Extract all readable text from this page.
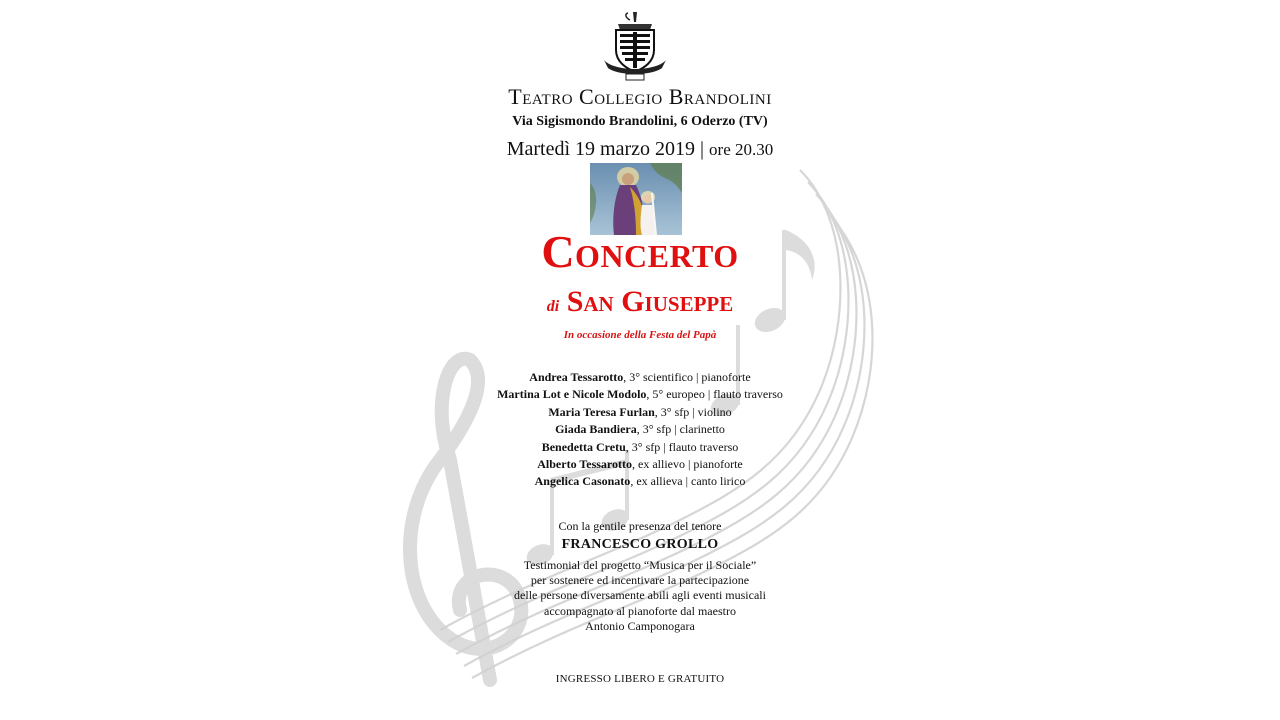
Teatro Collegio Brandolini
Via Sigismondo Brandolini, 6 Oderzo (TV)
Martedì 19 marzo 2019 | ore 20.30
Concerto
di San Giuseppe
In occasione della Festa del Papà
Andrea Tessarotto, 3° scientifico | pianoforte
Martina Lot e Nicole Modolo, 5° europeo | flauto traverso
Maria Teresa Furlan, 3° sfp | violino
Giada Bandiera, 3° sfp | clarinetto
Benedetta Cretu, 3° sfp | flauto traverso
Alberto Tessarotto, ex allievo | pianoforte
Angelica Casonato, ex allieva | canto lirico
Con la gentile presenza del tenore
FRANCESCO GROLLO
Testimonial del progetto “Musica per il Sociale”
per sostenere ed incentivare la partecipazione
delle persone diversamente abili agli eventi musicali
accompagnato al pianoforte dal maestro
Antonio Camponogara
INGRESSO LIBERO E GRATUITO
